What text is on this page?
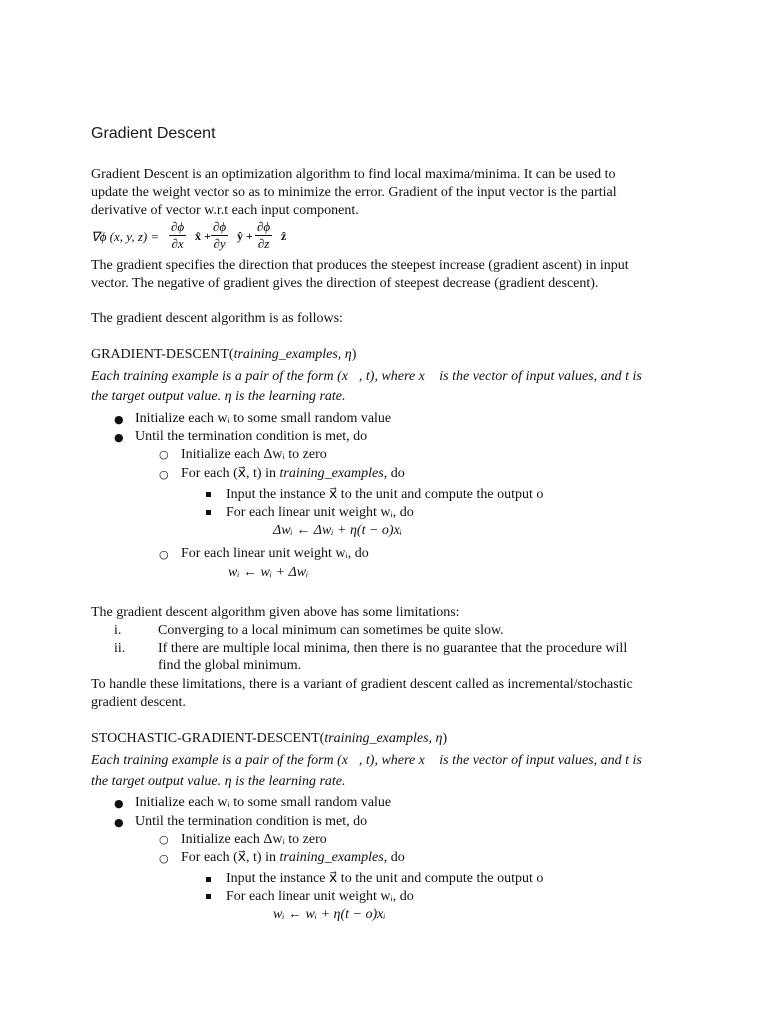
Gradient Descent
Gradient Descent is an optimization algorithm to find local maxima/minima. It can be used to
update the weight vector so as to minimize the error. Gradient of the input vector is the partial
derivative of vector w.r.t each input component.
∇ϕ (x, y, $z) = \frac{\partial\phi}{\partial x}$ x̂ + $\frac{\partial\phi}{\partial y}$ ŷ + $\frac{\partial\phi}{\partial z}$ ẑ
The gradient specifies the direction that produces the steepest increase (gradient ascent) in input
vector. The negative of gradient gives the direction of steepest decrease (gradient descent).
The gradient descent algorithm is as follows:
GRADIENT-DESCENT(training_examples, η)
Each training example is a pair of the form (x⃗, t), where x⃗ is the vector of input values, and t is
the target output value. η is the learning rate.
● Initialize each wᵢ to some small random value
● Until the termination condition is met, do
○ Initialize each Δwᵢ to zero
○ For each (x⃗, t) in training_examples, do
Input the instance x⃗ to the unit and compute the output o
For each linear unit weight wᵢ, do
Δwᵢ ← Δwᵢ + η(t − o)xᵢ
○ For each linear unit weight wᵢ, do
wᵢ ← wᵢ + Δwᵢ
The gradient descent algorithm given above has some limitations:
i.	Converging to a local minimum can sometimes be quite slow.
ii. If there are multiple local minima, then there is no guarantee that the procedure will
find the global minimum.
To handle these limitations, there is a variant of gradient descent called as incremental/stochastic
gradient descent.
STOCHASTIC-GRADIENT-DESCENT(training_examples, η)
Each training example is a pair of the form (x⃗, t), where x⃗ is the vector of input values, and t is
the target output value. η is the learning rate.
● Initialize each wᵢ to some small random value
● Until the termination condition is met, do
○ Initialize each Δwᵢ to zero
○ For each (x⃗, t) in training_examples, do
Input the instance x⃗ to the unit and compute the output o
For each linear unit weight wᵢ, do
wᵢ ← wᵢ + η(t − o)xᵢ
